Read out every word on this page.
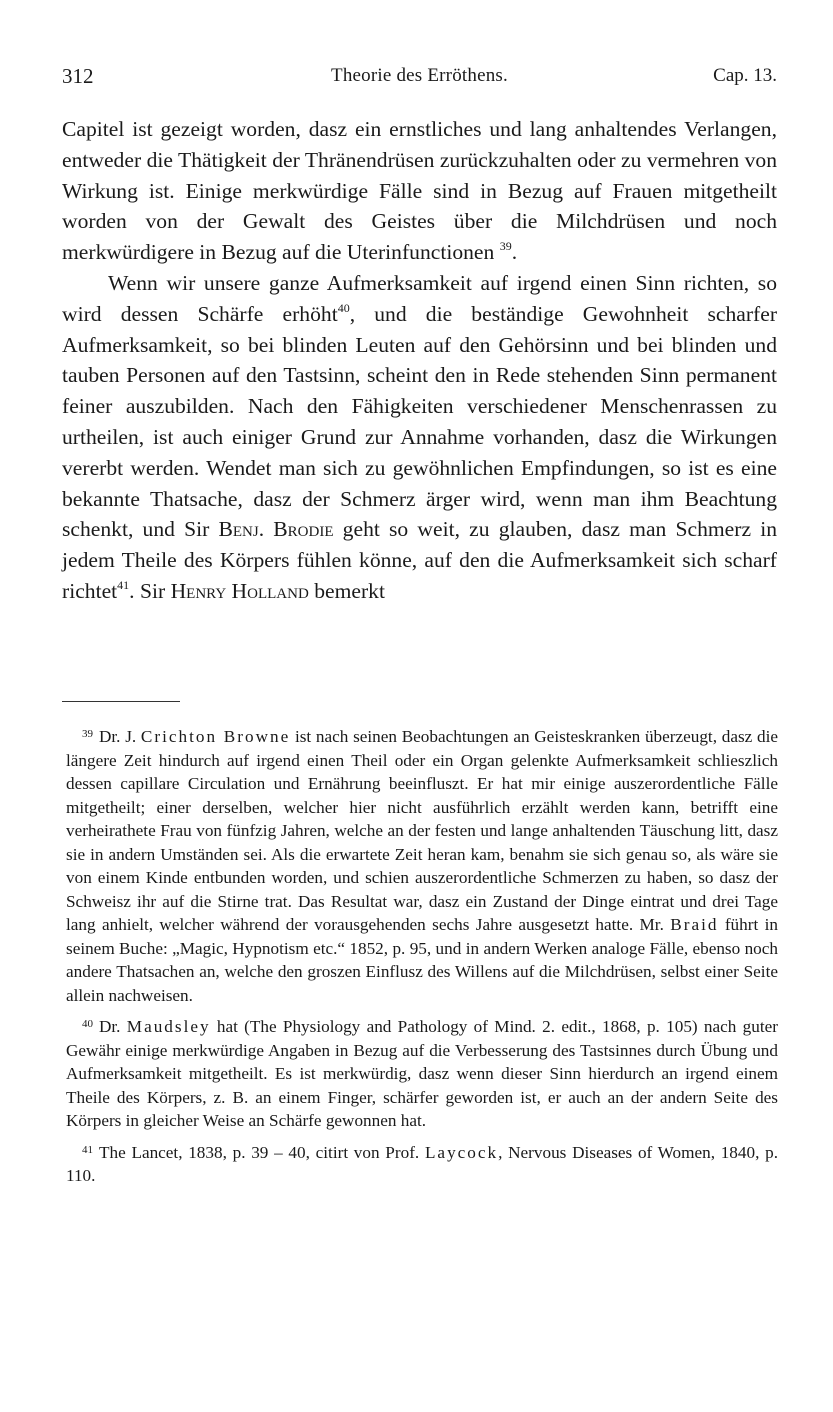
312	Theorie des Erröthens.	Cap. 13.

Capitel ist gezeigt worden, dasz ein ernstliches und lang anhaltendes Verlangen, entweder die Thätigkeit der Thränendrüsen zurückzuhalten oder zu vermehren von Wirkung ist. Einige merkwürdige Fälle sind in Bezug auf Frauen mitgetheilt worden von der Gewalt des Geistes über die Milchdrüsen und noch merkwürdigere in Bezug auf die Uterinfunctionen $^{39}$.

Wenn wir unsere ganze Aufmerksamkeit auf irgend einen Sinn richten, so wird dessen Schärfe erhöht$^{40}$, und die beständige Gewohnheit scharfer Aufmerksamkeit, so bei blinden Leuten auf den Gehörsinn und bei blinden und tauben Personen auf den Tastsinn, scheint den in Rede stehenden Sinn permanent feiner auszubilden. Nach den Fähigkeiten verschiedener Menschenrassen zu urtheilen, ist auch einiger Grund zur Annahme vorhanden, dasz die Wirkungen vererbt werden. Wendet man sich zu gewöhnlichen Empfindungen, so ist es eine bekannte Thatsache, dasz der Schmerz ärger wird, wenn man ihm Beachtung schenkt, und Sir Benj. Brodie geht so weit, zu glauben, dasz man Schmerz in jedem Theile des Körpers fühlen könne, auf den die Aufmerksamkeit sich scharf richtet$^{41}$. Sir Henry Holland bemerkt

$^{39}$ Dr. J. Crichton Browne ist nach seinen Beobachtungen an Geisteskranken überzeugt, dasz die längere Zeit hindurch auf irgend einen Theil oder ein Organ gelenkte Aufmerksamkeit schlieszlich dessen capillare Circulation und Ernährung beeinfluszt. Er hat mir einige auszerordentliche Fälle mitgetheilt; einer derselben, welcher hier nicht ausführlich erzählt werden kann, betrifft eine verheirathete Frau von fünfzig Jahren, welche an der festen und lange anhaltenden Täuschung litt, dasz sie in andern Umständen sei. Als die erwartete Zeit heran kam, benahm sie sich genau so, als wäre sie von einem Kinde entbunden worden, und schien auszerordentliche Schmerzen zu haben, so dasz der Schweisz ihr auf die Stirne trat. Das Resultat war, dasz ein Zustand der Dinge eintrat und drei Tage lang anhielt, welcher während der vorausgehenden sechs Jahre ausgesetzt hatte. Mr. Braid führt in seinem Buche: „Magic, Hypnotism etc.“ 1852, p. 95, und in andern Werken analoge Fälle, ebenso noch andere Thatsachen an, welche den groszen Einflusz des Willens auf die Milchdrüsen, selbst einer Seite allein nachweisen.

$^{40}$ Dr. Maudsley hat (The Physiology and Pathology of Mind. 2. edit., 1868, p. 105) nach guter Gewähr einige merkwürdige Angaben in Bezug auf die Verbesserung des Tastsinnes durch Übung und Aufmerksamkeit mitgetheilt. Es ist merkwürdig, dasz wenn dieser Sinn hierdurch an irgend einem Theile des Körpers, z. B. an einem Finger, schärfer geworden ist, er auch an der andern Seite des Körpers in gleicher Weise an Schärfe gewonnen hat.

$^{41}$ The Lancet, 1838, p. 39 – 40, citirt von Prof. Laycock, Nervous Diseases of Women, 1840, p. 110.
